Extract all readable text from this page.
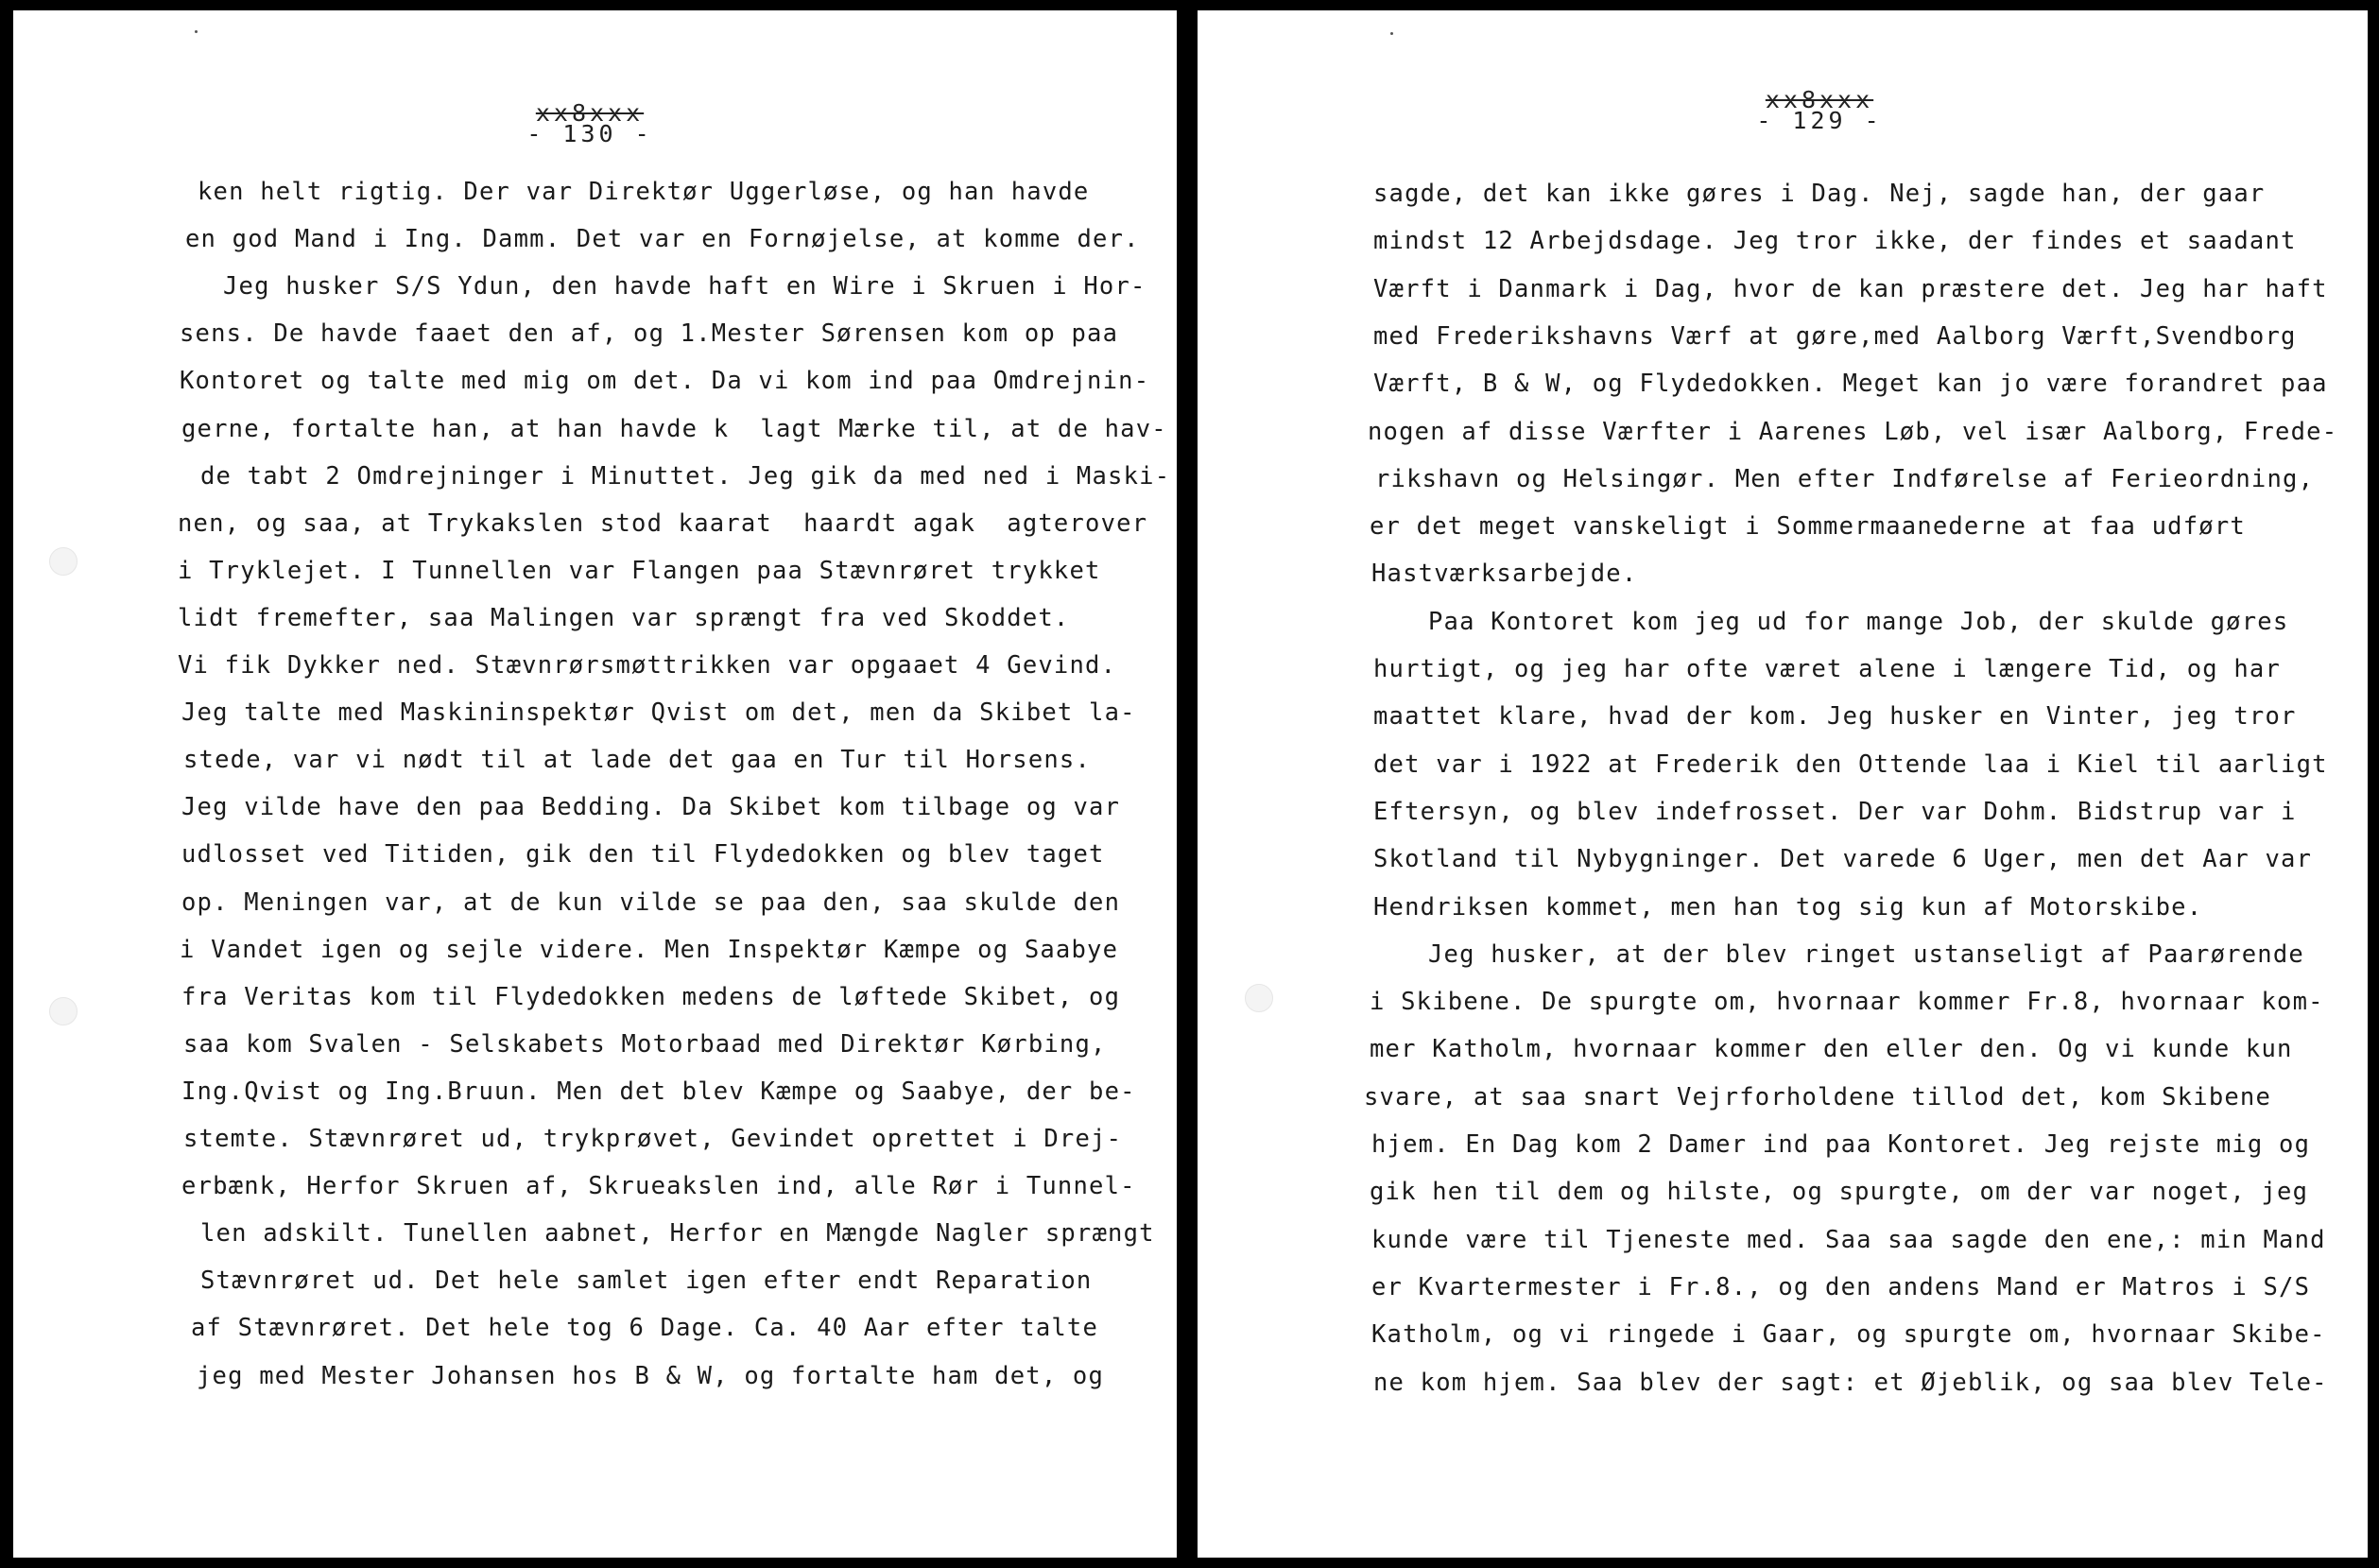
xx8xxx
- 130 -
ken helt rigtig. Der var Direktør Uggerløse, og han havde
en god Mand i Ing. Damm. Det var en Fornøjelse, at komme der.
Jeg husker S/S Ydun, den havde haft en Wire i Skruen i Hor-
sens. De havde faaet den af, og 1.Mester Sørensen kom op paa
Kontoret og talte med mig om det. Da vi kom ind paa Omdrejnin-
gerne, fortalte han, at han havde k  lagt Mærke til, at de hav-
de tabt 2 Omdrejninger i Minuttet. Jeg gik da med ned i Maski-
nen, og saa, at Trykakslen stod kaarat  haardt agak  agterover
i Tryklejet. I Tunnellen var Flangen paa Stævnrøret trykket
lidt fremefter, saa Malingen var sprængt fra ved Skoddet.
Vi fik Dykker ned. Stævnrørsmøttrikken var opgaaet 4 Gevind.
Jeg talte med Maskininspektør Qvist om det, men da Skibet la-
stede, var vi nødt til at lade det gaa en Tur til Horsens.
Jeg vilde have den paa Bedding. Da Skibet kom tilbage og var
udlosset ved Titiden, gik den til Flydedokken og blev taget
op. Meningen var, at de kun vilde se paa den, saa skulde den
i Vandet igen og sejle videre. Men Inspektør Kæmpe og Saabye
fra Veritas kom til Flydedokken medens de løftede Skibet, og
saa kom Svalen - Selskabets Motorbaad med Direktør Kørbing,
Ing.Qvist og Ing.Bruun. Men det blev Kæmpe og Saabye, der be-
stemte. Stævnrøret ud, trykprøvet, Gevindet oprettet i Drej-
erbænk, Herfor Skruen af, Skrueakslen ind, alle Rør i Tunnel-
len adskilt. Tunellen aabnet, Herfor en Mængde Nagler sprængt
Stævnrøret ud. Det hele samlet igen efter endt Reparation
af Stævnrøret. Det hele tog 6 Dage. Ca. 40 Aar efter talte
jeg med Mester Johansen hos B & W, og fortalte ham det, og
xx8xxx
- 129 -
sagde, det kan ikke gøres i Dag. Nej, sagde han, der gaar
mindst 12 Arbejdsdage. Jeg tror ikke, der findes et saadant
Værft i Danmark i Dag, hvor de kan præstere det. Jeg har haft
med Frederikshavns Værf at gøre,med Aalborg Værft,Svendborg
Værft, B & W, og Flydedokken. Meget kan jo være forandret paa
nogen af disse Værfter i Aarenes Løb, vel især Aalborg, Frede-
rikshavn og Helsingør. Men efter Indførelse af Ferieordning,
er det meget vanskeligt i Sommermaanederne at faa udført
Hastværksarbejde.
Paa Kontoret kom jeg ud for mange Job, der skulde gøres
hurtigt, og jeg har ofte været alene i længere Tid, og har
maattet klare, hvad der kom. Jeg husker en Vinter, jeg tror
det var i 1922 at Frederik den Ottende laa i Kiel til aarligt
Eftersyn, og blev indefrosset. Der var Dohm. Bidstrup var i
Skotland til Nybygninger. Det varede 6 Uger, men det Aar var
Hendriksen kommet, men han tog sig kun af Motorskibe.
Jeg husker, at der blev ringet ustanseligt af Paarørende
i Skibene. De spurgte om, hvornaar kommer Fr.8, hvornaar kom-
mer Katholm, hvornaar kommer den eller den. Og vi kunde kun
svare, at saa snart Vejrforholdene tillod det, kom Skibene
hjem. En Dag kom 2 Damer ind paa Kontoret. Jeg rejste mig og
gik hen til dem og hilste, og spurgte, om der var noget, jeg
kunde være til Tjeneste med. Saa saa sagde den ene,: min Mand
er Kvartermester i Fr.8., og den andens Mand er Matros i S/S
Katholm, og vi ringede i Gaar, og spurgte om, hvornaar Skibe-
ne kom hjem. Saa blev der sagt: et Øjeblik, og saa blev Tele-
